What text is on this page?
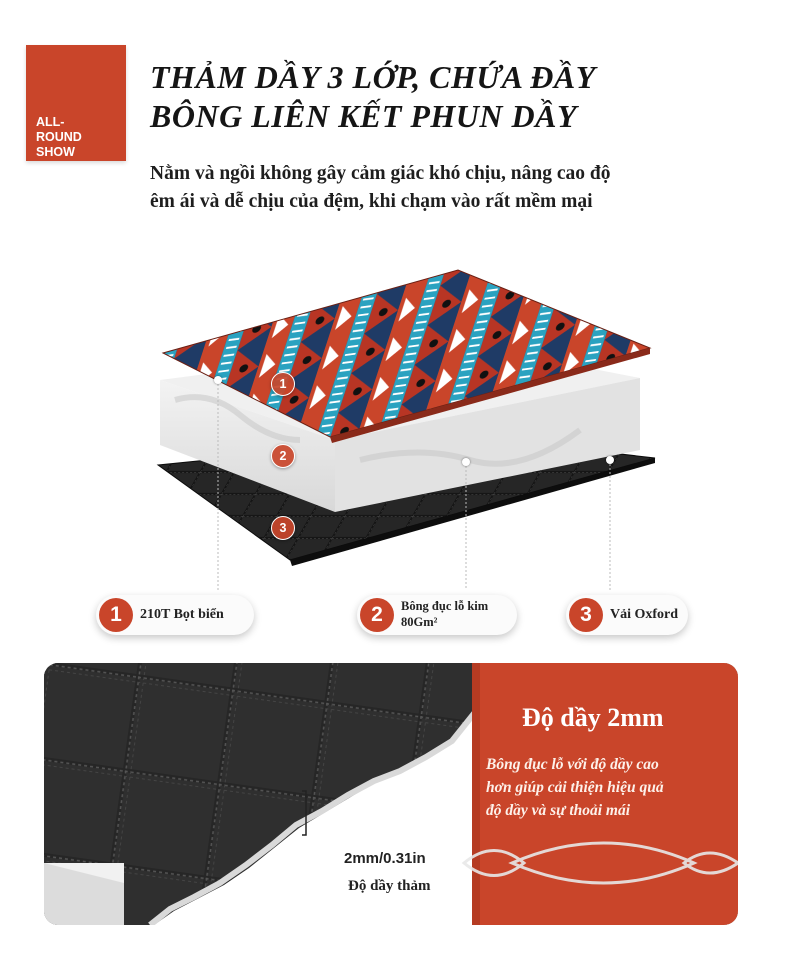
ALL-
ROUND
SHOW
THẢM DẦY 3 LỚP, CHỨA ĐẦY
BÔNG LIÊN KẾT PHUN DẦY

Nằm và ngồi không gây cảm giác khó chịu, nâng cao độ
êm ái và dễ chịu của đệm, khi chạm vào rất mềm mại

1
2
3
1	210T Bọt biển	2	Bông đục lỗ kim
80Gm²	3	Vải Oxford
Độ dầy 2mm
Bông đục lỗ với độ dầy cao
hơn giúp cải thiện hiệu quả
độ dầy và sự thoải mái
2mm/0.31in
Độ dầy thảm
